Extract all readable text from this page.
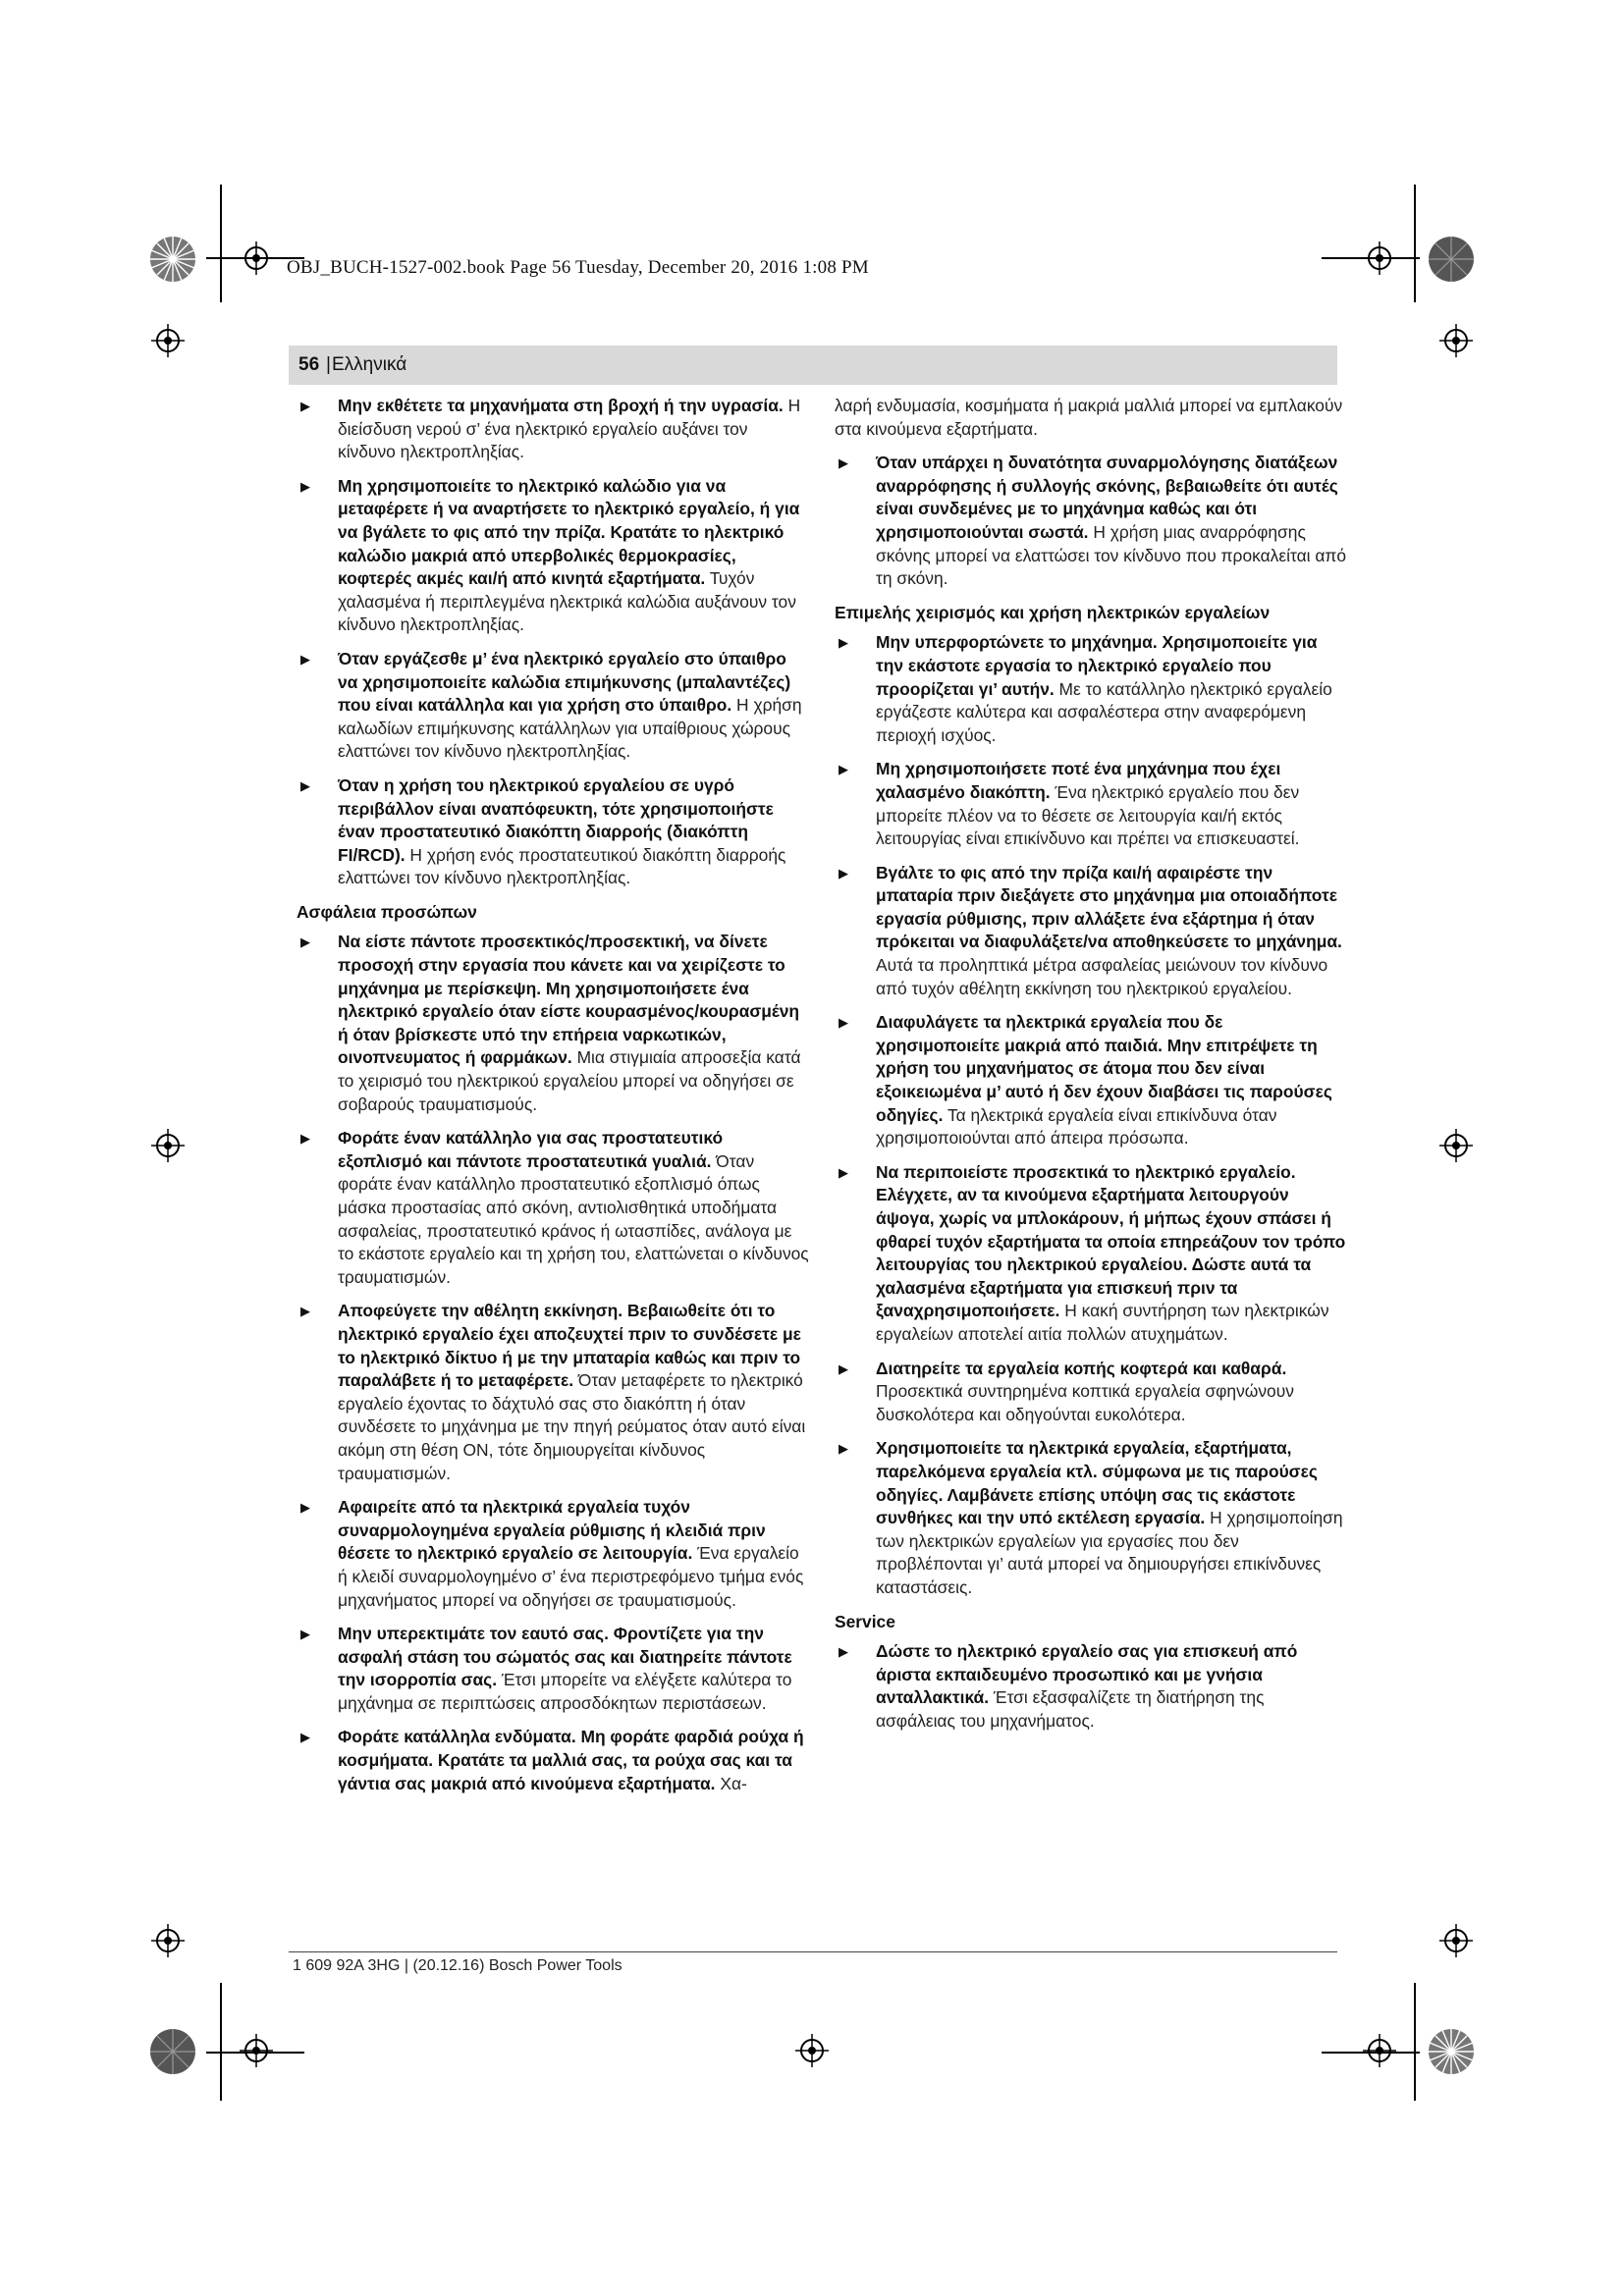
OBJ_BUCH-1527-002.book Page 56 Tuesday, December 20, 2016 1:08 PM
56 | Ελληνικά
▶ Μην εκθέτετε τα μηχανήματα στη βροχή ή την υγρασία. Η διείσδυση νερού σ’ ένα ηλεκτρικό εργαλείο αυξάνει τον κίνδυνο ηλεκτροπληξίας.
▶ Μη χρησιμοποιείτε το ηλεκτρικό καλώδιο για να μεταφέρετε ή να αναρτήσετε το ηλεκτρικό εργαλείο, ή για να βγάλετε το φις από την πρίζα. Κρατάτε το ηλεκτρικό καλώδιο μακριά από υπερβολικές θερμοκρασίες, κοφτερές ακμές και/ή από κινητά εξαρτήματα. Τυχόν χαλασμένα ή περιπλεγμένα ηλεκτρικά καλώδια αυξάνουν τον κίνδυνο ηλεκτροπληξίας.
▶ Όταν εργάζεσθε μ’ ένα ηλεκτρικό εργαλείο στο ύπαιθρο να χρησιμοποιείτε καλώδια επιμήκυνσης (μπαλαντέζες) που είναι κατάλληλα και για χρήση στο ύπαιθρο. Η χρήση καλωδίων επιμήκυνσης κατάλληλων για υπαίθριους χώρους ελαττώνει τον κίνδυνο ηλεκτροπληξίας.
▶ Όταν η χρήση του ηλεκτρικού εργαλείου σε υγρό περιβάλλον είναι αναπόφευκτη, τότε χρησιμοποιήστε έναν προστατευτικό διακόπτη διαρροής (διακόπτη FI/RCD). Η χρήση ενός προστατευτικού διακόπτη διαρροής ελαττώνει τον κίνδυνο ηλεκτροπληξίας.
Ασφάλεια προσώπων
▶ Να είστε πάντοτε προσεκτικός/προσεκτική, να δίνετε προσοχή στην εργασία που κάνετε και να χειρίζεστε το μηχάνημα με περίσκεψη. Μη χρησιμοποιήσετε ένα ηλεκτρικό εργαλείο όταν είστε κουρασμένος/κουρασμένη ή όταν βρίσκεστε υπό την επήρεια ναρκωτικών, οινοπνευματος ή φαρμάκων. Μια στιγμιαία απροσεξία κατά το χειρισμό του ηλεκτρικού εργαλείου μπορεί να οδηγήσει σε σοβαρούς τραυματισμούς.
▶ Φοράτε έναν κατάλληλο για σας προστατευτικό εξοπλισμό και πάντοτε προστατευτικά γυαλιά. Όταν φοράτε έναν κατάλληλο προστατευτικό εξοπλισμό όπως μάσκα προστασίας από σκόνη, αντιολισθητικά υποδήματα ασφαλείας, προστατευτικό κράνος ή ωτασπίδες, ανάλογα με το εκάστοτε εργαλείο και τη χρήση του, ελαττώνεται ο κίνδυνος τραυματισμών.
▶ Αποφεύγετε την αθέλητη εκκίνηση. Βεβαιωθείτε ότι το ηλεκτρικό εργαλείο έχει αποζευχτεί πριν το συνδέσετε με το ηλεκτρικό δίκτυο ή με την μπαταρία καθώς και πριν το παραλάβετε ή το μεταφέρετε. Όταν μεταφέρετε το ηλεκτρικό εργαλείο έχοντας το δάχτυλό σας στο διακόπτη ή όταν συνδέσετε το μηχάνημα με την πηγή ρεύματος όταν αυτό είναι ακόμη στη θέση ON, τότε δημιουργείται κίνδυνος τραυματισμών.
▶ Αφαιρείτε από τα ηλεκτρικά εργαλεία τυχόν συναρμολογημένα εργαλεία ρύθμισης ή κλειδιά πριν θέσετε το ηλεκτρικό εργαλείο σε λειτουργία. Ένα εργαλείο ή κλειδί συναρμολογημένο σ’ ένα περιστρεφόμενο τμήμα ενός μηχανήματος μπορεί να οδηγήσει σε τραυματισμούς.
▶ Μην υπερεκτιμάτε τον εαυτό σας. Φροντίζετε για την ασφαλή στάση του σώματός σας και διατηρείτε πάντοτε την ισορροπία σας. Έτσι μπορείτε να ελέγξετε καλύτερα το μηχάνημα σε περιπτώσεις απροσδόκητων περιστάσεων.
▶ Φοράτε κατάλληλα ενδύματα. Μη φοράτε φαρδιά ρούχα ή κοσμήματα. Κρατάτε τα μαλλιά σας, τα ρούχα σας και τα γάντια σας μακριά από κινούμενα εξαρτήματα. Χα-
λαρή ενδυμασία, κοσμήματα ή μακριά μαλλιά μπορεί να εμπλακούν στα κινούμενα εξαρτήματα.
▶ Όταν υπάρχει η δυνατότητα συναρμολόγησης διατάξεων αναρρόφησης ή συλλογής σκόνης, βεβαιωθείτε ότι αυτές είναι συνδεμένες με το μηχάνημα καθώς και ότι χρησιμοποιούνται σωστά. Η χρήση μιας αναρρόφησης σκόνης μπορεί να ελαττώσει τον κίνδυνο που προκαλείται από τη σκόνη.
Επιμελής χειρισμός και χρήση ηλεκτρικών εργαλείων
▶ Μην υπερφορτώνετε το μηχάνημα. Χρησιμοποιείτε για την εκάστοτε εργασία το ηλεκτρικό εργαλείο που προορίζεται γι’ αυτήν. Με το κατάλληλο ηλεκτρικό εργαλείο εργάζεστε καλύτερα και ασφαλέστερα στην αναφερόμενη περιοχή ισχύος.
▶ Μη χρησιμοποιήσετε ποτέ ένα μηχάνημα που έχει χαλασμένο διακόπτη. Ένα ηλεκτρικό εργαλείο που δεν μπορείτε πλέον να το θέσετε σε λειτουργία και/ή εκτός λειτουργίας είναι επικίνδυνο και πρέπει να επισκευαστεί.
▶ Βγάλτε το φις από την πρίζα και/ή αφαιρέστε την μπαταρία πριν διεξάγετε στο μηχάνημα μια οποιαδήποτε εργασία ρύθμισης, πριν αλλάξετε ένα εξάρτημα ή όταν πρόκειται να διαφυλάξετε/να αποθηκεύσετε το μηχάνημα. Αυτά τα προληπτικά μέτρα ασφαλείας μειώνουν τον κίνδυνο από τυχόν αθέλητη εκκίνηση του ηλεκτρικού εργαλείου.
▶ Διαφυλάγετε τα ηλεκτρικά εργαλεία που δε χρησιμοποιείτε μακριά από παιδιά. Μην επιτρέψετε τη χρήση του μηχανήματος σε άτομα που δεν είναι εξοικειωμένα μ’ αυτό ή δεν έχουν διαβάσει τις παρούσες οδηγίες. Τα ηλεκτρικά εργαλεία είναι επικίνδυνα όταν χρησιμοποιούνται από άπειρα πρόσωπα.
▶ Να περιποιείστε προσεκτικά το ηλεκτρικό εργαλείο. Ελέγχετε, αν τα κινούμενα εξαρτήματα λειτουργούν άψογα, χωρίς να μπλοκάρουν, ή μήπως έχουν σπάσει ή φθαρεί τυχόν εξαρτήματα τα οποία επηρεάζουν τον τρόπο λειτουργίας του ηλεκτρικού εργαλείου. Δώστε αυτά τα χαλασμένα εξαρτήματα για επισκευή πριν τα ξαναχρησιμοποιήσετε. Η κακή συντήρηση των ηλεκτρικών εργαλείων αποτελεί αιτία πολλών ατυχημάτων.
▶ Διατηρείτε τα εργαλεία κοπής κοφτερά και καθαρά. Προσεκτικά συντηρημένα κοπτικά εργαλεία σφηνώνουν δυσκολότερα και οδηγούνται ευκολότερα.
▶ Χρησιμοποιείτε τα ηλεκτρικά εργαλεία, εξαρτήματα, παρελκόμενα εργαλεία κτλ. σύμφωνα με τις παρούσες οδηγίες. Λαμβάνετε επίσης υπόψη σας τις εκάστοτε συνθήκες και την υπό εκτέλεση εργασία. Η χρησιμοποίηση των ηλεκτρικών εργαλείων για εργασίες που δεν προβλέπονται γι’ αυτά μπορεί να δημιουργήσει επικίνδυνες καταστάσεις.
Service
▶ Δώστε το ηλεκτρικό εργαλείο σας για επισκευή από άριστα εκπαιδευμένο προσωπικό και με γνήσια ανταλλακτικά. Έτσι εξασφαλίζετε τη διατήρηση της ασφάλειας του μηχανήματος.
1 609 92A 3HG | (20.12.16) Bosch Power Tools
